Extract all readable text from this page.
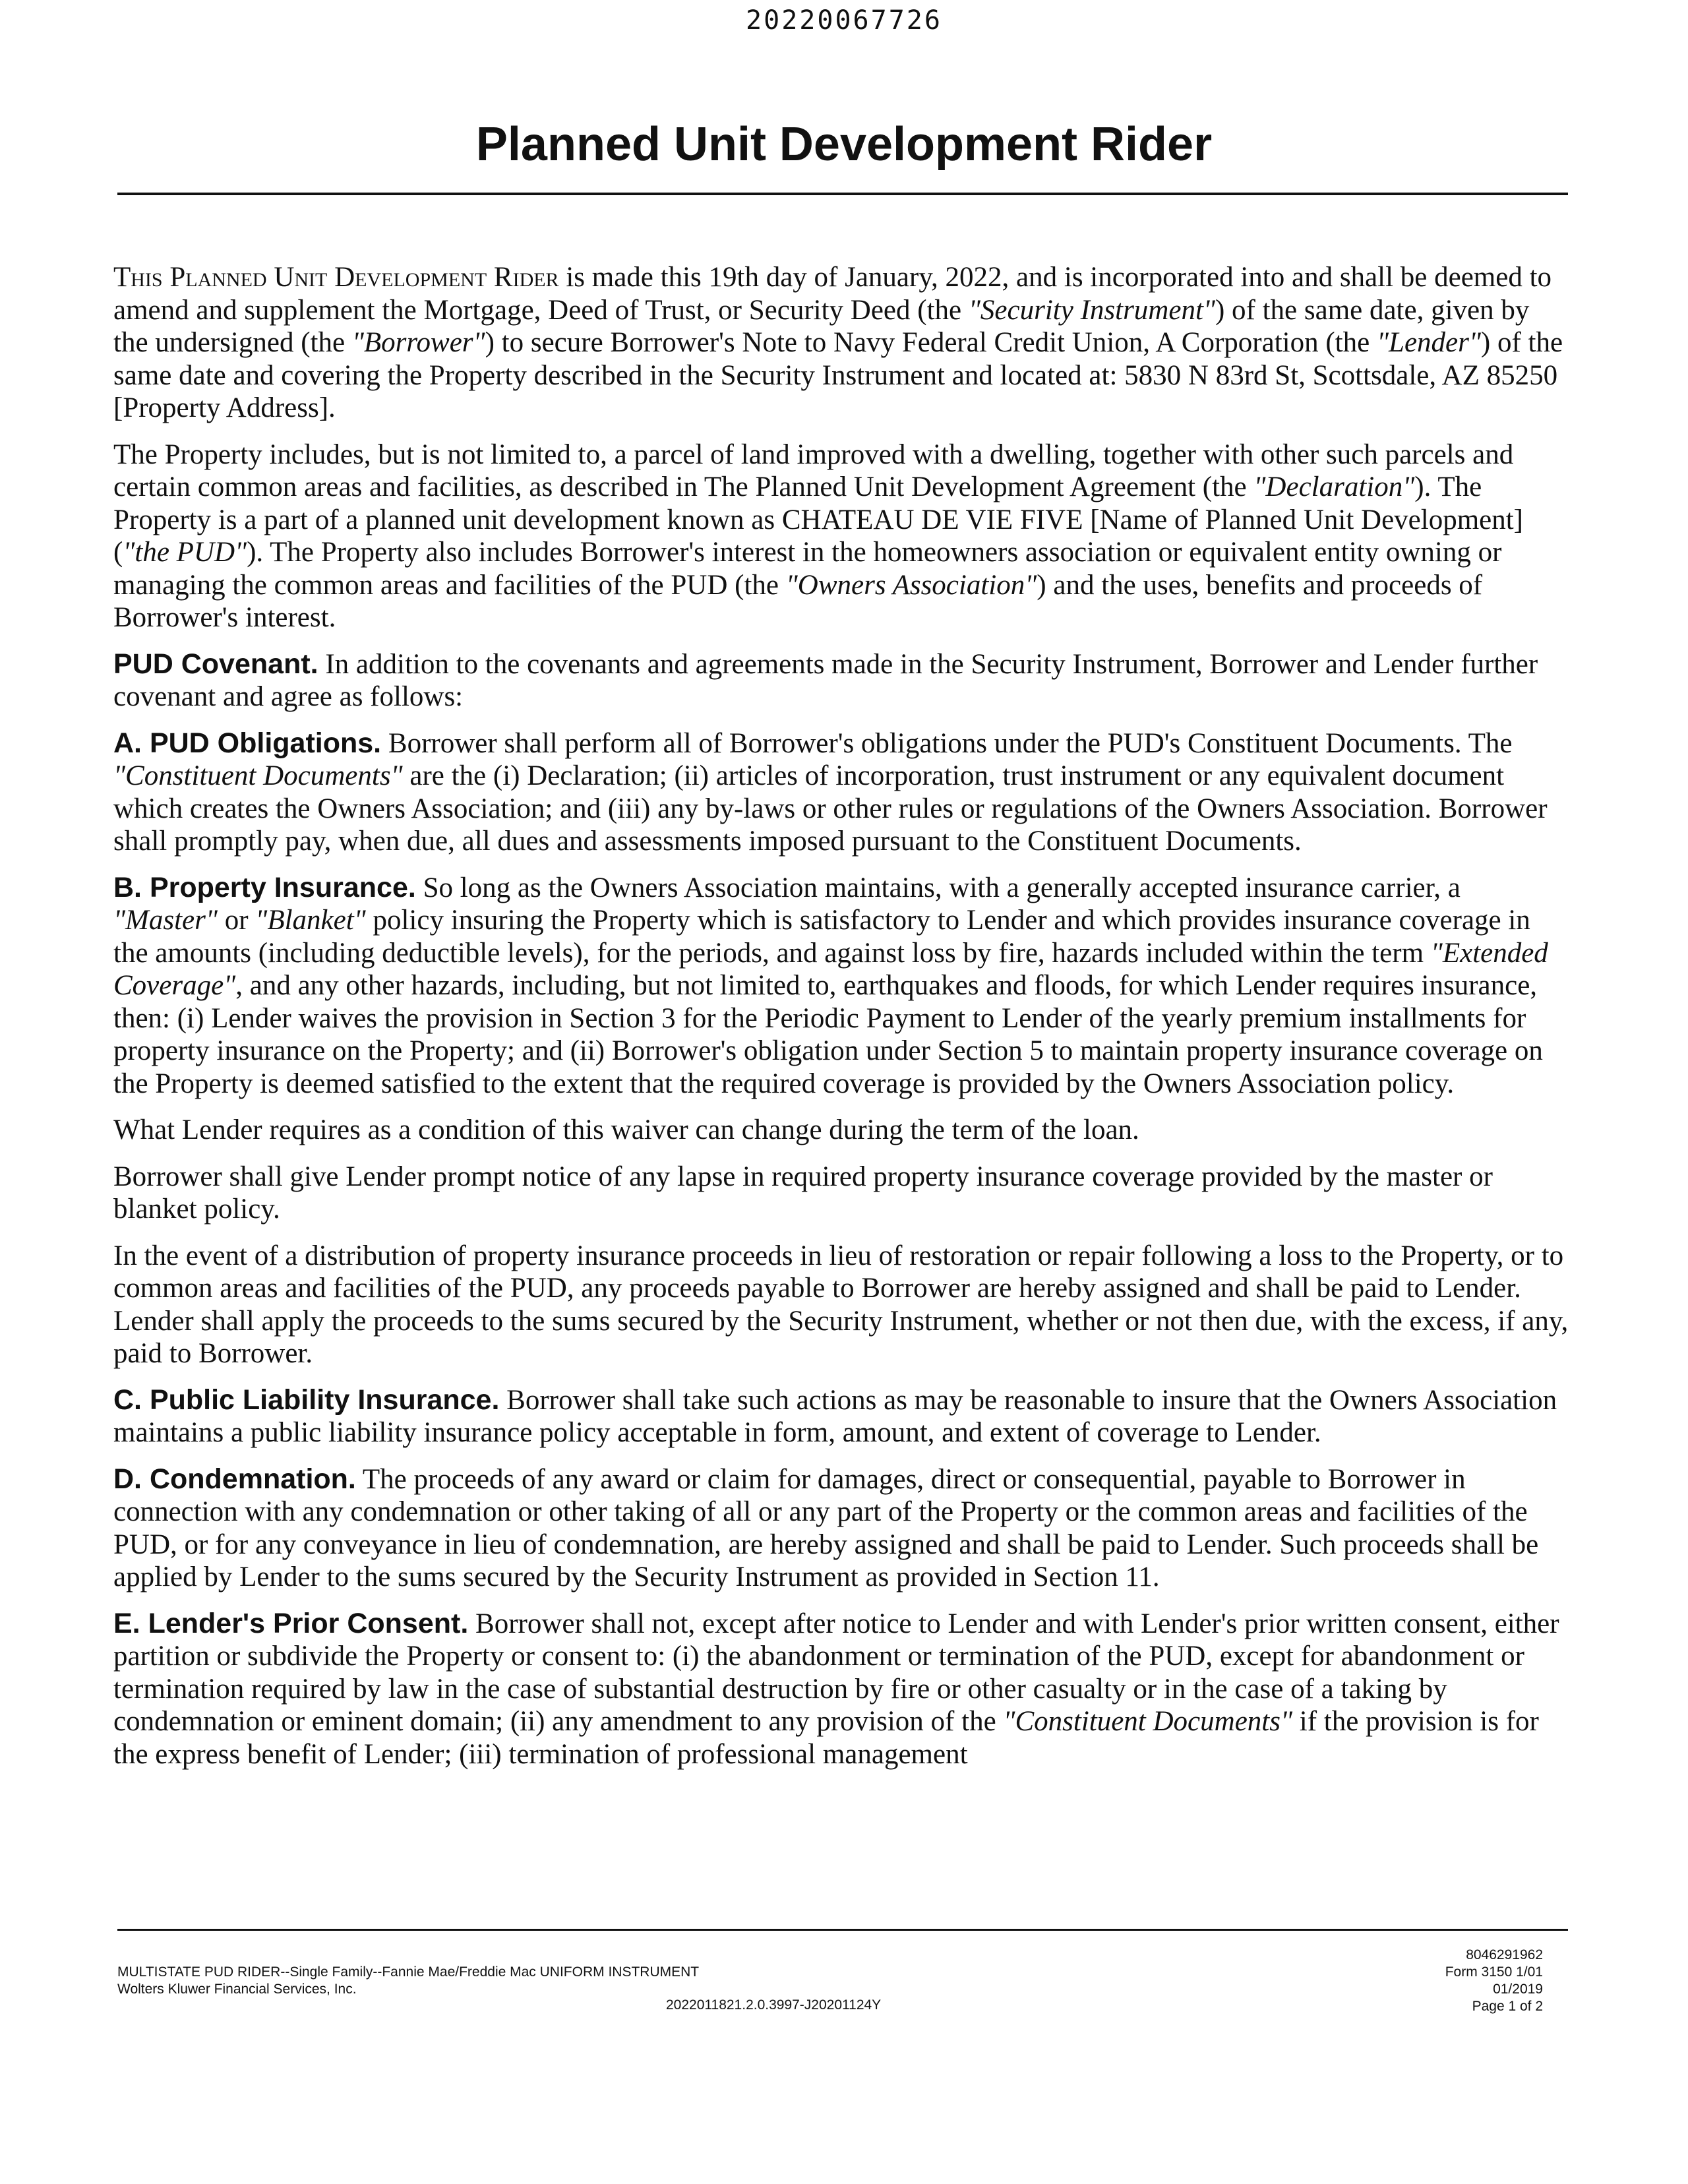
20220067726
Planned Unit Development Rider

This Planned Unit Development Rider is made this 19th day of January, 2022, and is incorporated into and shall be deemed to amend and supplement the Mortgage, Deed of Trust, or Security Deed (the "Security Instrument") of the same date, given by the undersigned (the "Borrower") to secure Borrower's Note to Navy Federal Credit Union, A Corporation (the "Lender") of the same date and covering the Property described in the Security Instrument and located at: 5830 N 83rd St, Scottsdale, AZ 85250 [Property Address].

The Property includes, but is not limited to, a parcel of land improved with a dwelling, together with other such parcels and certain common areas and facilities, as described in The Planned Unit Development Agreement (the "Declaration"). The Property is a part of a planned unit development known as CHATEAU DE VIE FIVE [Name of Planned Unit Development] ("the PUD"). The Property also includes Borrower's interest in the homeowners association or equivalent entity owning or managing the common areas and facilities of the PUD (the "Owners Association") and the uses, benefits and proceeds of Borrower's interest.

PUD Covenant. In addition to the covenants and agreements made in the Security Instrument, Borrower and Lender further covenant and agree as follows:

A. PUD Obligations. Borrower shall perform all of Borrower's obligations under the PUD's Constituent Documents. The "Constituent Documents" are the (i) Declaration; (ii) articles of incorporation, trust instrument or any equivalent document which creates the Owners Association; and (iii) any by-laws or other rules or regulations of the Owners Association. Borrower shall promptly pay, when due, all dues and assessments imposed pursuant to the Constituent Documents.

B. Property Insurance. So long as the Owners Association maintains, with a generally accepted insurance carrier, a "Master" or "Blanket" policy insuring the Property which is satisfactory to Lender and which provides insurance coverage in the amounts (including deductible levels), for the periods, and against loss by fire, hazards included within the term "Extended Coverage", and any other hazards, including, but not limited to, earthquakes and floods, for which Lender requires insurance, then: (i) Lender waives the provision in Section 3 for the Periodic Payment to Lender of the yearly premium installments for property insurance on the Property; and (ii) Borrower's obligation under Section 5 to maintain property insurance coverage on the Property is deemed satisfied to the extent that the required coverage is provided by the Owners Association policy.

What Lender requires as a condition of this waiver can change during the term of the loan.

Borrower shall give Lender prompt notice of any lapse in required property insurance coverage provided by the master or blanket policy.

In the event of a distribution of property insurance proceeds in lieu of restoration or repair following a loss to the Property, or to common areas and facilities of the PUD, any proceeds payable to Borrower are hereby assigned and shall be paid to Lender. Lender shall apply the proceeds to the sums secured by the Security Instrument, whether or not then due, with the excess, if any, paid to Borrower.

C. Public Liability Insurance. Borrower shall take such actions as may be reasonable to insure that the Owners Association maintains a public liability insurance policy acceptable in form, amount, and extent of coverage to Lender.

D. Condemnation. The proceeds of any award or claim for damages, direct or consequential, payable to Borrower in connection with any condemnation or other taking of all or any part of the Property or the common areas and facilities of the PUD, or for any conveyance in lieu of condemnation, are hereby assigned and shall be paid to Lender. Such proceeds shall be applied by Lender to the sums secured by the Security Instrument as provided in Section 11.

E. Lender's Prior Consent. Borrower shall not, except after notice to Lender and with Lender's prior written consent, either partition or subdivide the Property or consent to: (i) the abandonment or termination of the PUD, except for abandonment or termination required by law in the case of substantial destruction by fire or other casualty or in the case of a taking by condemnation or eminent domain; (ii) any amendment to any provision of the "Constituent Documents" if the provision is for the express benefit of Lender; (iii) termination of professional management

MULTISTATE PUD RIDER--Single Family--Fannie Mae/Freddie Mac UNIFORM INSTRUMENT
Wolters Kluwer Financial Services, Inc.
2022011821.2.0.3997-J20201124Y
8046291962
Form 3150 1/01
01/2019
Page 1 of 2
